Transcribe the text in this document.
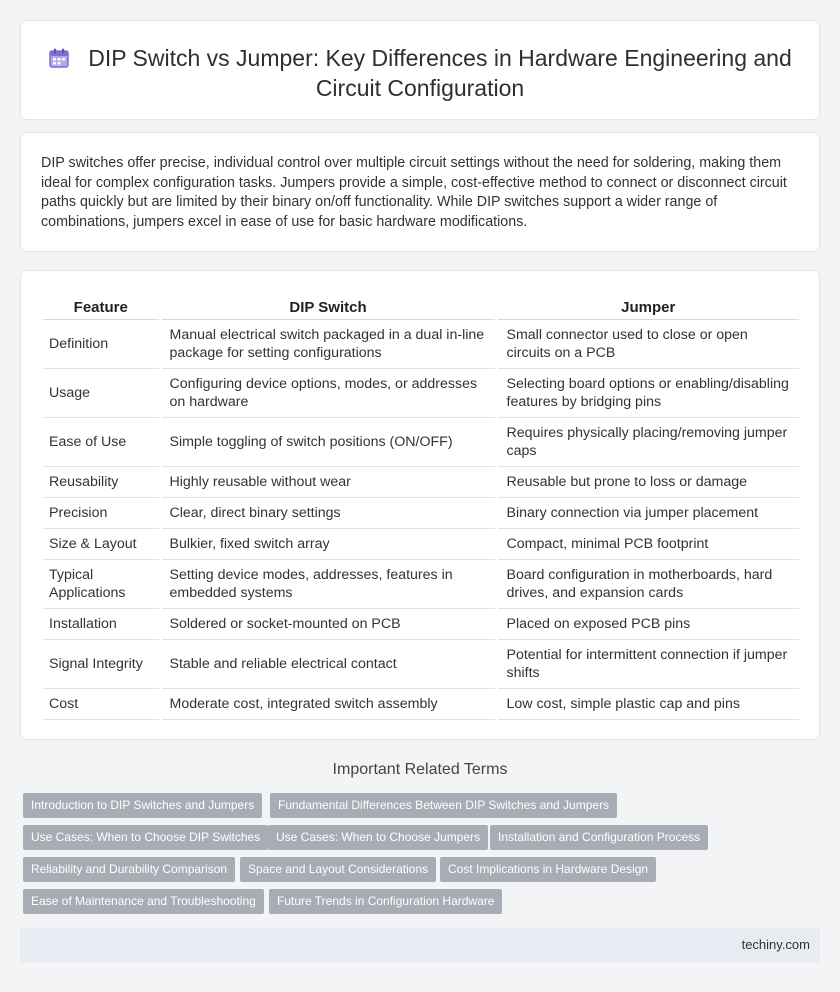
DIP Switch vs Jumper: Key Differences in Hardware Engineering and Circuit Configuration

DIP switches offer precise, individual control over multiple circuit settings without the need for soldering, making them ideal for complex configuration tasks. Jumpers provide a simple, cost-effective method to connect or disconnect circuit paths quickly but are limited by their binary on/off functionality. While DIP switches support a wider range of combinations, jumpers excel in ease of use for basic hardware modifications.

Feature	DIP Switch	Jumper
Definition	Manual electrical switch packaged in a dual in-line package for setting configurations	Small connector used to close or open circuits on a PCB
Usage	Configuring device options, modes, or addresses on hardware	Selecting board options or enabling/disabling features by bridging pins
Ease of Use	Simple toggling of switch positions (ON/OFF)	Requires physically placing/removing jumper caps
Reusability	Highly reusable without wear	Reusable but prone to loss or damage
Precision	Clear, direct binary settings	Binary connection via jumper placement
Size & Layout	Bulkier, fixed switch array	Compact, minimal PCB footprint
Typical Applications	Setting device modes, addresses, features in embedded systems	Board configuration in motherboards, hard drives, and expansion cards
Installation	Soldered or socket-mounted on PCB	Placed on exposed PCB pins
Signal Integrity	Stable and reliable electrical contact	Potential for intermittent connection if jumper shifts
Cost	Moderate cost, integrated switch assembly	Low cost, simple plastic cap and pins
Important Related Terms
Introduction to DIP Switches and Jumpers	Fundamental Differences Between DIP Switches and Jumpers
Use Cases: When to Choose DIP Switches	Use Cases: When to Choose Jumpers	Installation and Configuration Process
Reliability and Durability Comparison	Space and Layout Considerations	Cost Implications in Hardware Design
Ease of Maintenance and Troubleshooting	Future Trends in Configuration Hardware
techiny.com
